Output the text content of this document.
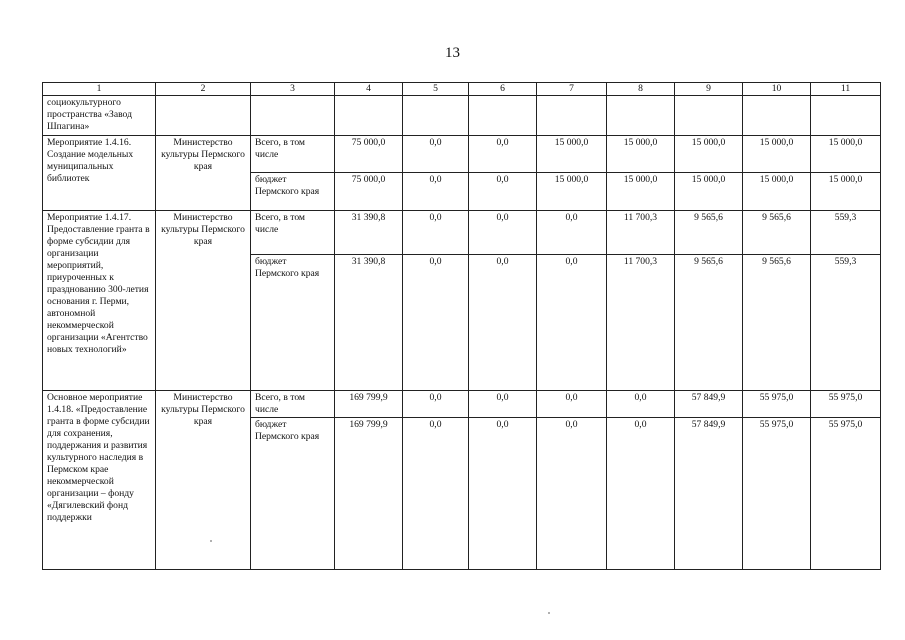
13
1	2	3	4	5	6	7	8	9	10	11
социокультурного пространства «Завод Шпагина»										
Мероприятие 1.4.16. Создание модельных муниципальных библиотек	Министерство культуры Пермского края	Всего, в том числе	75 000,0	0,0	0,0	15 000,0	15 000,0	15 000,0	15 000,0	15 000,0
		бюджет Пермского края	75 000,0	0,0	0,0	15 000,0	15 000,0	15 000,0	15 000,0	15 000,0
Мероприятие 1.4.17. Предоставление гранта в форме субсидии для организации мероприятий, приуроченных к празднованию 300-летия основания г. Перми, автономной некоммерческой организации «Агентство новых технологий»	Министерство культуры Пермского края	Всего, в том числе	31 390,8	0,0	0,0	0,0	11 700,3	9 565,6	9 565,6	559,3
		бюджет Пермского края	31 390,8	0,0	0,0	0,0	11 700,3	9 565,6	9 565,6	559,3
Основное мероприятие 1.4.18. «Предоставление гранта в форме субсидии для сохранения, поддержания и развития культурного наследия в Пермском крае некоммерческой организации – фонду «Дягилевский фонд поддержки	Министерство культуры Пермского края	Всего, в том числе	169 799,9	0,0	0,0	0,0	0,0	57 849,9	55 975,0	55 975,0
		бюджет Пермского края	169 799,9	0,0	0,0	0,0	0,0	57 849,9	55 975,0	55 975,0
